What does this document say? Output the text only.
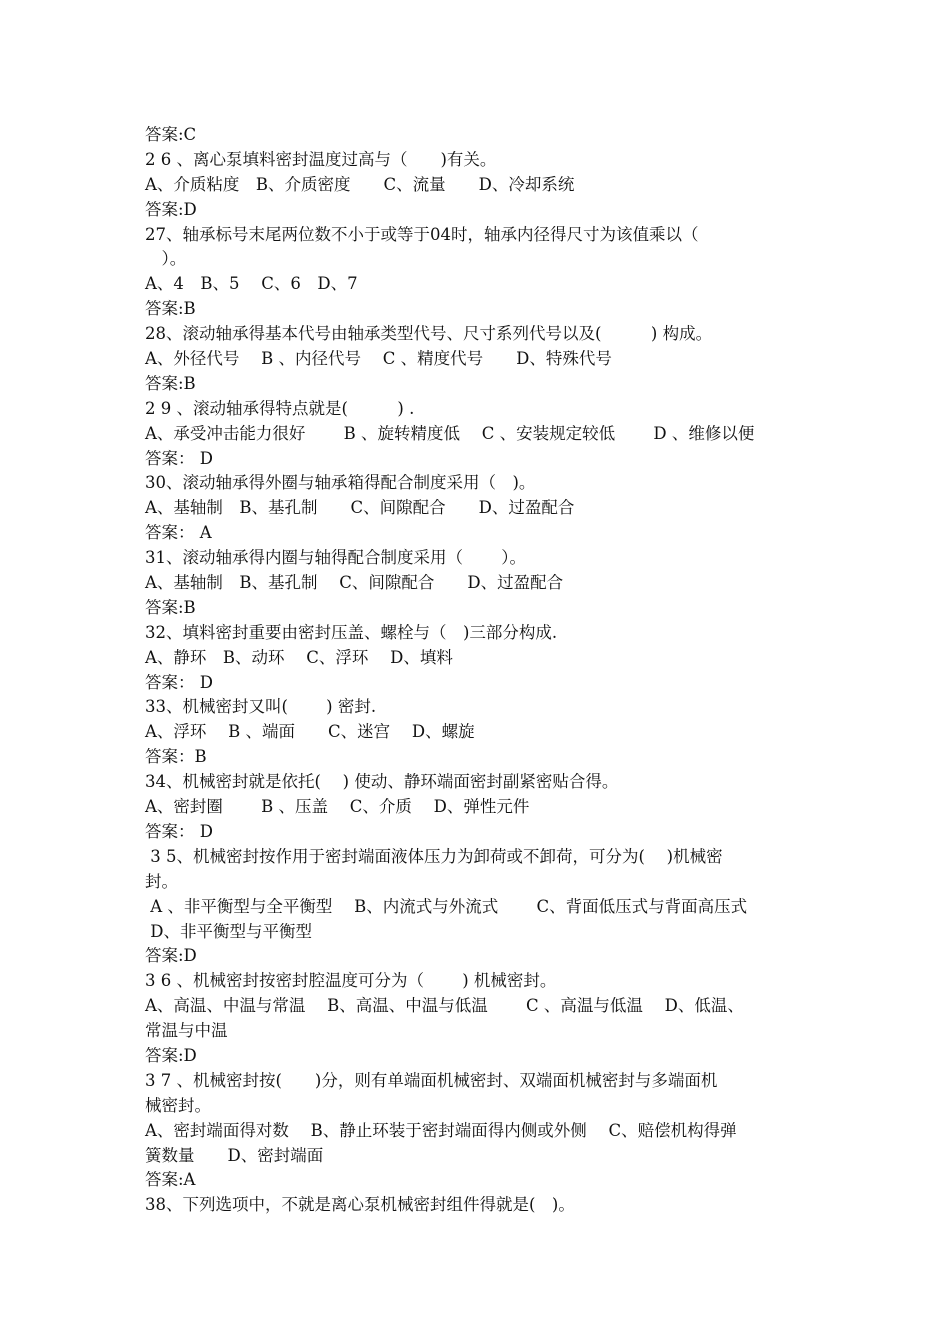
答案:C
2 6 、离心泵填料密封温度过高与（　　)有关。
A、介质粘度　B、介质密度　　C、流量　　D、冷却系统
答案:D
27、轴承标号末尾两位数不小于或等于04时，轴承内径得尺寸为该值乘以（
　）。
A、4　B、5　 C、6　D、7
答案:B
28、滚动轴承得基本代号由轴承类型代号、尺寸系列代号以及(　　　) 构成。
A、外径代号　 B 、内径代号　 C 、精度代号　　D、特殊代号
答案:B
2 9 、滚动轴承得特点就是(　　　) .
A、承受冲击能力很好　　 B 、旋转精度低　 C 、安装规定较低　　 D 、维修以便
答案： D
30、滚动轴承得外圈与轴承箱得配合制度采用（　)。
A、基轴制　B、基孔制　　C、间隙配合　　D、过盈配合
答案： A
31、滚动轴承得内圈与轴得配合制度采用（　　 ）。
A、基轴制　B、基孔制　 C、间隙配合　　D、过盈配合
答案:B
32、填料密封重要由密封压盖、螺栓与（　)三部分构成.
A、静环　B、动环　 C、浮环　 D、填料
答案： D
33、机械密封又叫(　　 ) 密封.
A、浮环　 B 、端面　　C、迷宫　 D、螺旋
答案：B
34、机械密封就是依托(　 ) 使动、静环端面密封副紧密贴合得。
A、密封圈　　 B 、压盖　 C、介质　 D、弹性元件
答案： D
3 5、机械密封按作用于密封端面液体压力为卸荷或不卸荷，可分为(　 )机械密
封。
A 、非平衡型与全平衡型　 B、内流式与外流式　　 C、背面低压式与背面高压式
D、非平衡型与平衡型
答案:D
3 6 、机械密封按密封腔温度可分为（　　 ) 机械密封。
A、高温、中温与常温　 B、高温、中温与低温　　 C 、高温与低温　 D、低温、
常温与中温
答案:D
3 7 、机械密封按(　　)分，则有单端面机械密封、双端面机械密封与多端面机
械密封。
A、密封端面得对数　 B、静止环装于密封端面得内侧或外侧　 C、赔偿机构得弹
簧数量　　D、密封端面
答案:A
38、下列选项中，不就是离心泵机械密封组件得就是(　)。
